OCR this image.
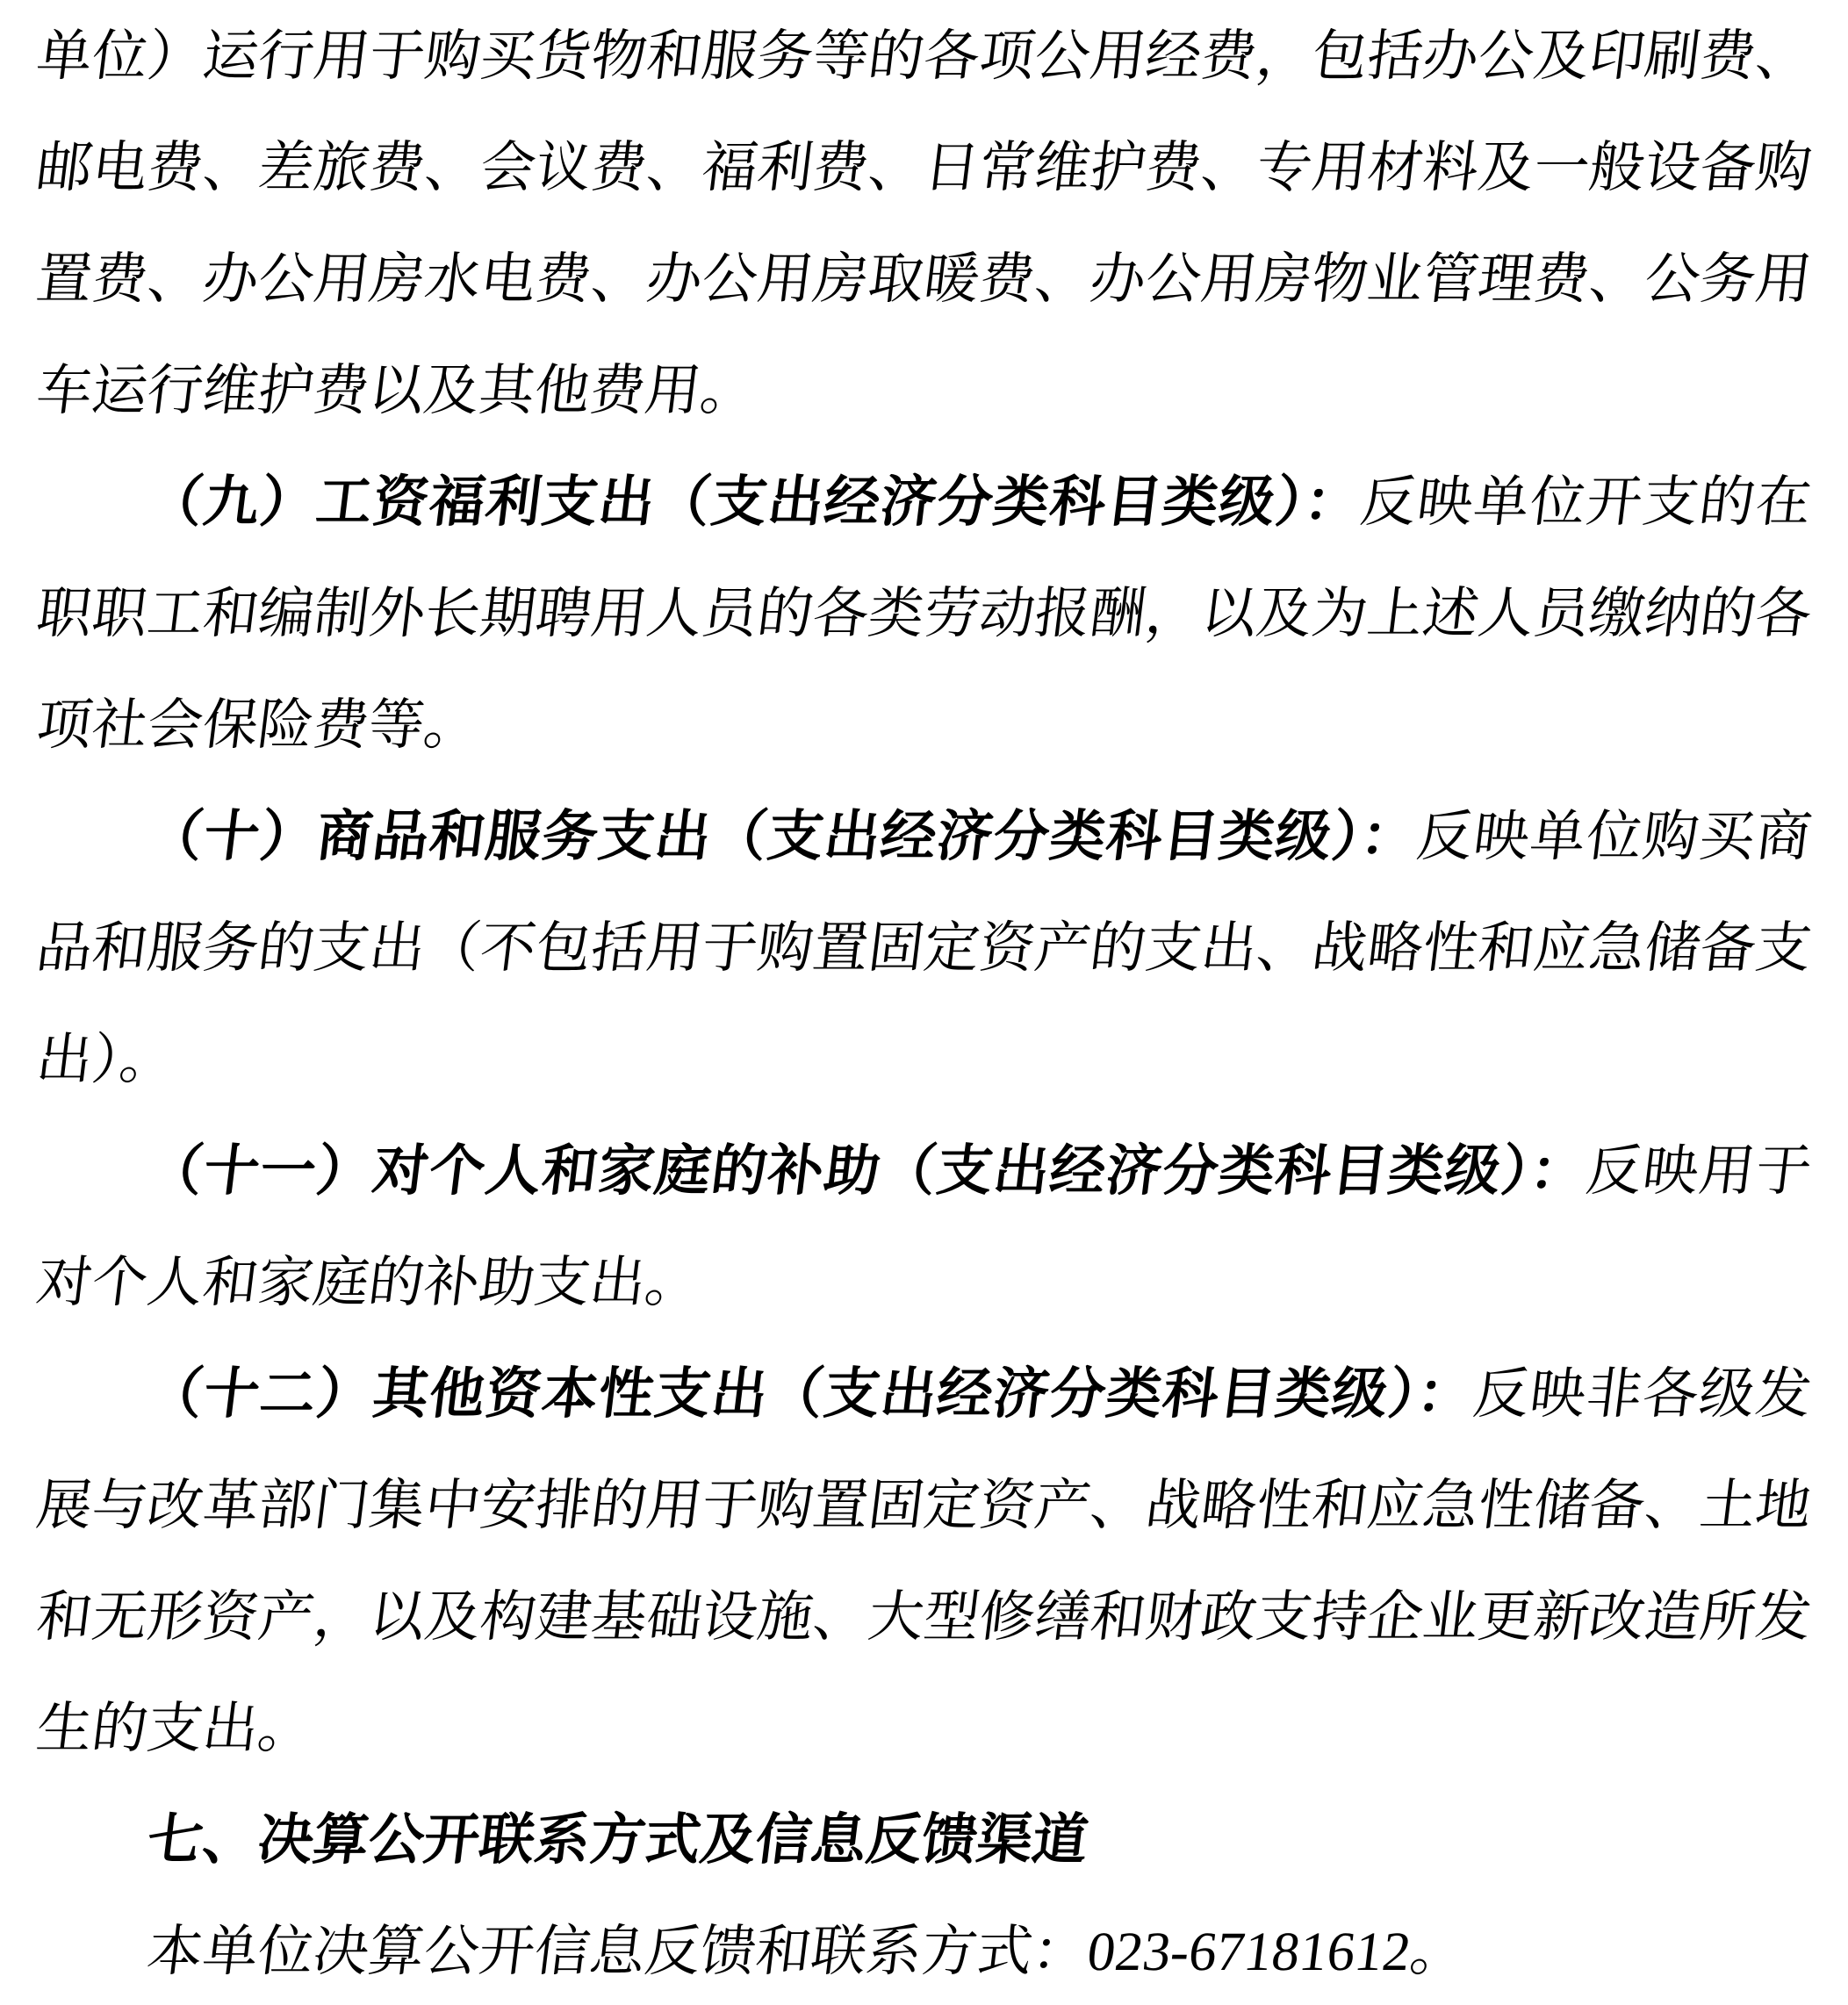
单位）运行用于购买货物和服务等的各项公用经费，包括办公及印刷费、
邮电费、差旅费、会议费、福利费、日常维护费、专用材料及一般设备购
置费、办公用房水电费、办公用房取暖费、办公用房物业管理费、公务用
车运行维护费以及其他费用。
（九）工资福利支出（支出经济分类科目类级）：反映单位开支的在
职职工和编制外长期聘用人员的各类劳动报酬，以及为上述人员缴纳的各
项社会保险费等。
（十）商品和服务支出（支出经济分类科目类级）：反映单位购买商
品和服务的支出（不包括用于购置固定资产的支出、战略性和应急储备支
出）。
（十一）对个人和家庭的补助（支出经济分类科目类级）：反映用于
对个人和家庭的补助支出。
（十二）其他资本性支出（支出经济分类科目类级）：反映非各级发
展与改革部门集中安排的用于购置固定资产、战略性和应急性储备、土地
和无形资产，以及构建基础设施、大型修缮和财政支持企业更新改造所发
生的支出。
七、决算公开联系方式及信息反馈渠道
本单位决算公开信息反馈和联系方式：023-67181612。
